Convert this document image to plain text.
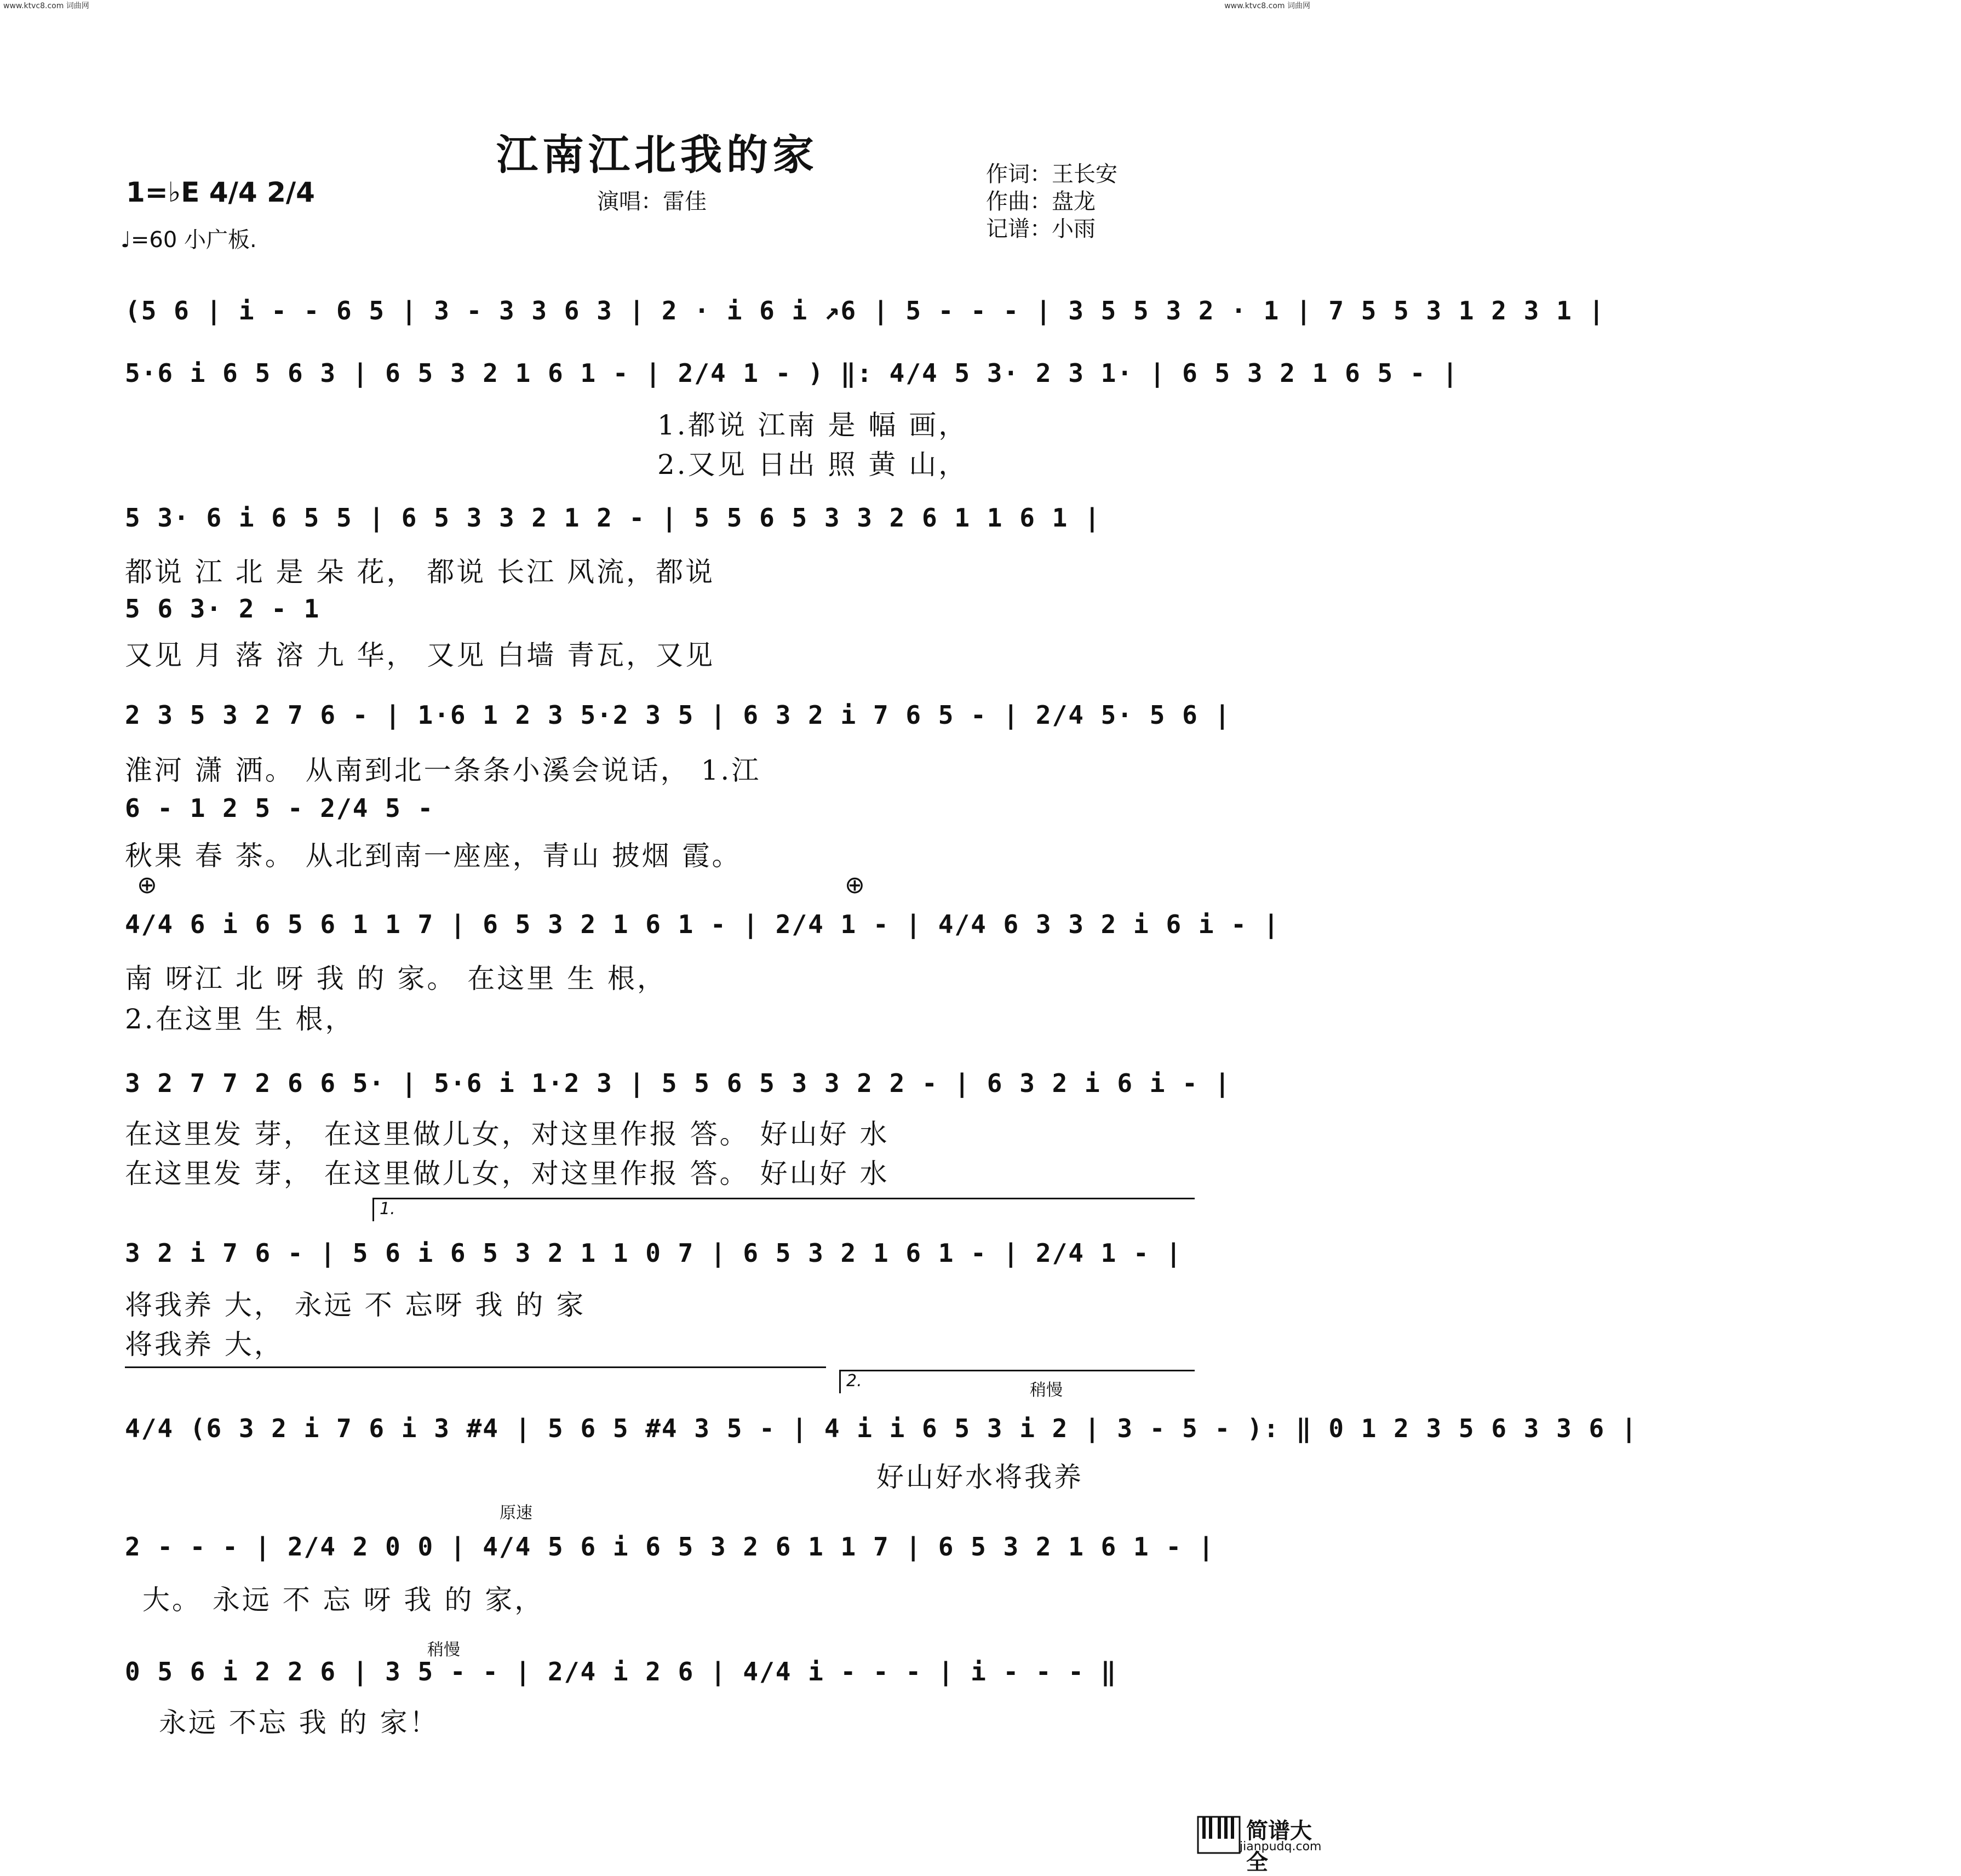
www.ktvc8.com 词曲网	www.ktvc8.com 词曲网
江南江北我的家
演唱：雷佳
作词：王长安
作曲：盘龙
记谱：小雨
1=♭E 4/4 2/4
♩=60 小广板.
(5 6 | i - - 6 5 | 3 - 3 3 6 3 | 2 · i 6 i ↗6 | 5 - - - | 3 5 5 3 2 · 1 | 7 5 5 3 1 2 3 1 |
5·6 i 6 5 6 3 | 6 5 3 2 1 6 1 - | 2/4 1 - ) ‖: 4/4 5 3· 2 3 1· | 6 5 3 2 1 6 5 - |
1.都说 江南 是 幅 画，
2.又见 日出 照 黄 山，
5 3· 6 i 6 5 5 | 6 5 3 3 2 1 2 - | 5 5 6 5 3 3 2 6 1 1 6 1 |
都说 江 北 是 朵 花， 都说 长江 风流，都说
5 6 3· 2 - 1
又见 月 落 溶 九 华， 又见 白墙 青瓦，又见
2 3 5 3 2 7 6 - | 1·6 1 2 3 5·2 3 5 | 6 3 2 i 7 6 5 - | 2/4 5· 5 6 |
淮河 潇 洒。 从南到北一条条小溪会说话， 1.江
6 - 1 2 5 - 2/4 5 -
秋果 春 茶。 从北到南一座座，青山 披烟 霞。
⊕	⊕
4/4 6 i 6 5 6 1 1 7 | 6 5 3 2 1 6 1 - | 2/4 1 - | 4/4 6 3 3 2 i 6 i - |
南 呀江 北 呀 我 的 家。 在这里 生 根，
2.在这里 生 根，
3 2 7 7 2 6 6 5· | 5·6 i 1·2 3 | 5 5 6 5 3 3 2 2 - | 6 3 2 i 6 i - |
在这里发 芽， 在这里做儿女，对这里作报 答。 好山好 水
在这里发 芽， 在这里做儿女，对这里作报 答。 好山好 水
1.
3 2 i 7 6 - | 5 6 i 6 5 3 2 1 1 0 7 | 6 5 3 2 1 6 1 - | 2/4 1 - |
将我养 大， 永远 不 忘呀 我 的 家
将我养 大，
2.	稍慢
4/4 (6 3 2 i 7 6 i 3 #4 | 5 6 5 #4 3 5 - | 4 i i 6 5 3 i 2 | 3 - 5 - ): ‖ 0 1 2 3 5 6 3 3 6 |
好山好水将我养
原速
2 - - - | 2/4 2 0 0 | 4/4 5 6 i 6 5 3 2 6 1 1 7 | 6 5 3 2 1 6 1 - |
大。 永远 不 忘 呀 我 的 家，
稍慢
0 5 6 i 2 2 6 | 3 5 - - | 2/4 i 2 6 | 4/4 i - - - | i - - - ‖
永远 不忘 我 的 家！
简谱大全
jianpudq.com
